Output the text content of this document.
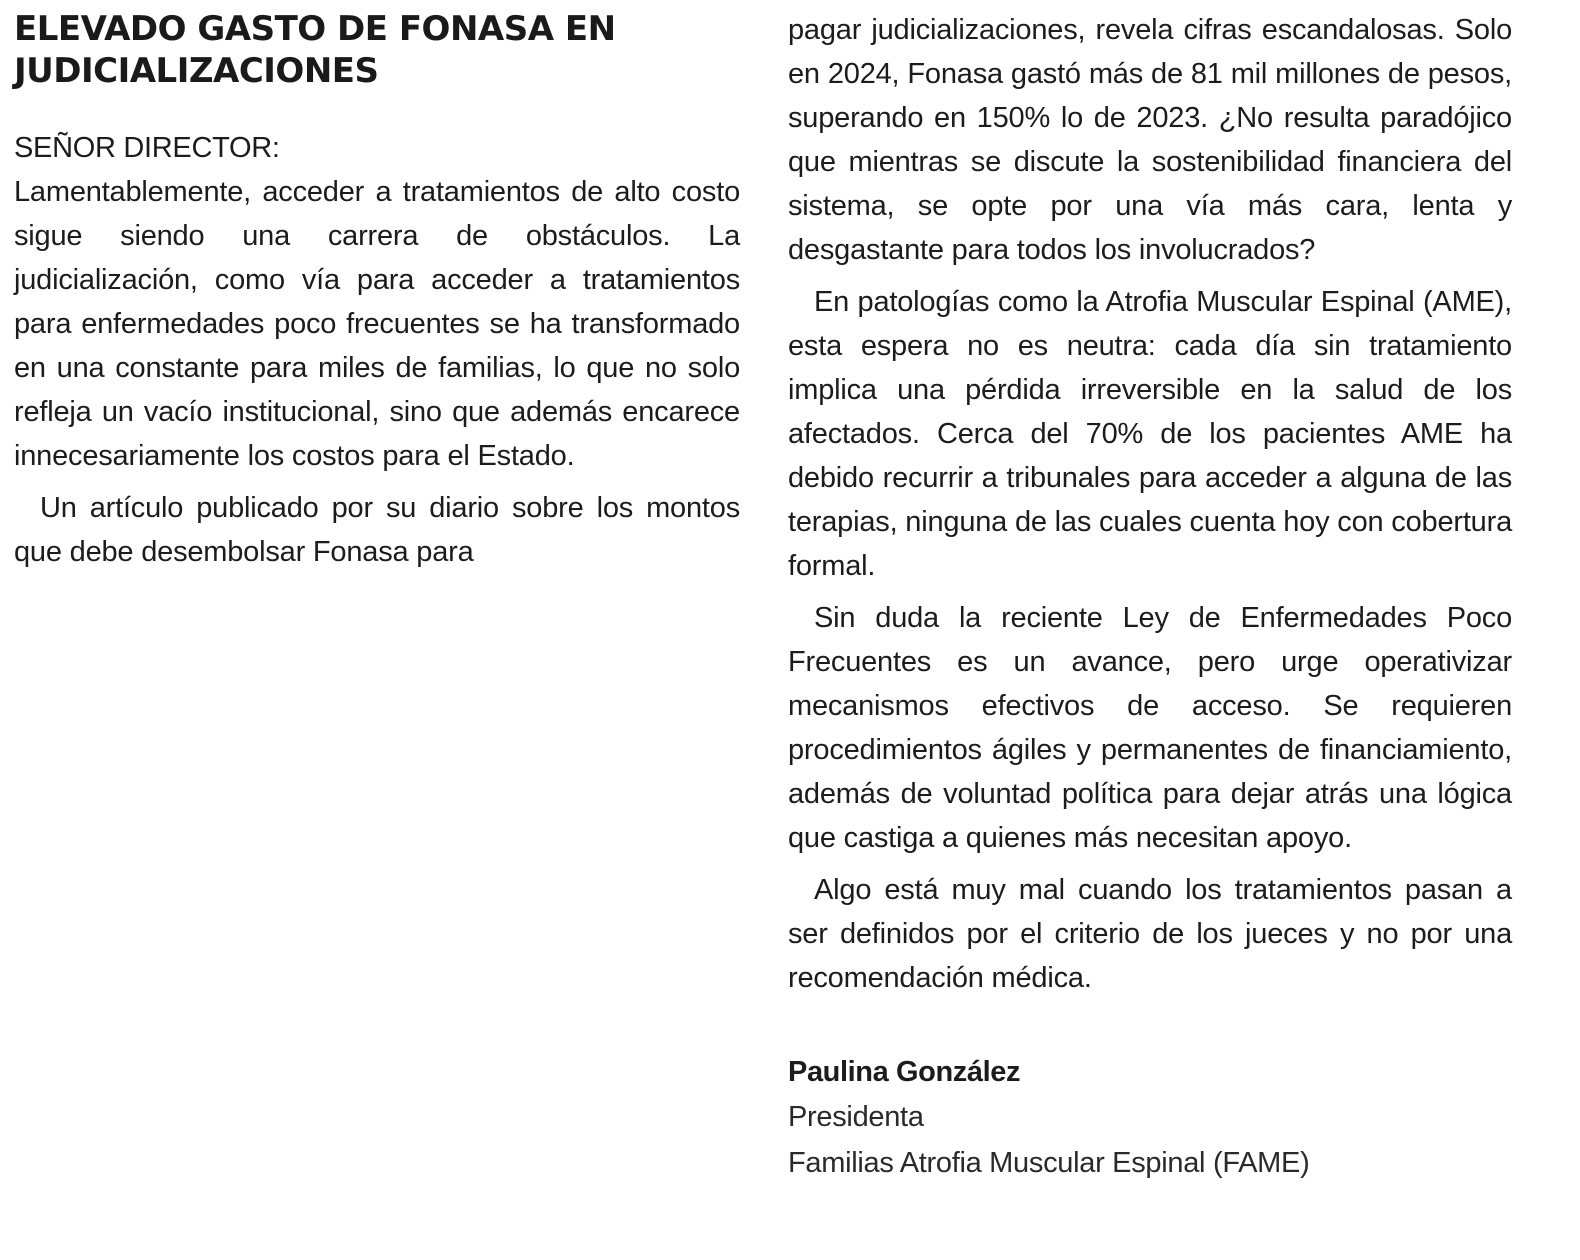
ELEVADO GASTO DE FONASA EN JUDICIALIZACIONES
SEÑOR DIRECTOR:

Lamentablemente, acceder a tratamientos de alto costo sigue siendo una carrera de obstáculos. La judicialización, como vía para acceder a tratamientos para enfermedades poco frecuentes se ha transformado en una constante para miles de familias, lo que no solo refleja un vacío institucional, sino que además encarece innecesariamente los costos para el Estado.

Un artículo publicado por su diario sobre los montos que debe desembolsar Fonasa para

pagar judicializaciones, revela cifras escandalosas. Solo en 2024, Fonasa gastó más de 81 mil millones de pesos, superando en 150% lo de 2023. ¿No resulta paradójico que mientras se discute la sostenibilidad financiera del sistema, se opte por una vía más cara, lenta y desgastante para todos los involucrados?

En patologías como la Atrofia Muscular Espinal (AME), esta espera no es neutra: cada día sin tratamiento implica una pérdida irreversible en la salud de los afectados. Cerca del 70% de los pacientes AME ha debido recurrir a tribunales para acceder a alguna de las terapias, ninguna de las cuales cuenta hoy con cobertura formal.

Sin duda la reciente Ley de Enfermedades Poco Frecuentes es un avance, pero urge operativizar mecanismos efectivos de acceso. Se requieren procedimientos ágiles y permanentes de financiamiento, además de voluntad política para dejar atrás una lógica que castiga a quienes más necesitan apoyo.

Algo está muy mal cuando los tratamientos pasan a ser definidos por el criterio de los jueces y no por una recomendación médica.

Paulina González
Presidenta
Familias Atrofia Muscular Espinal (FAME)
